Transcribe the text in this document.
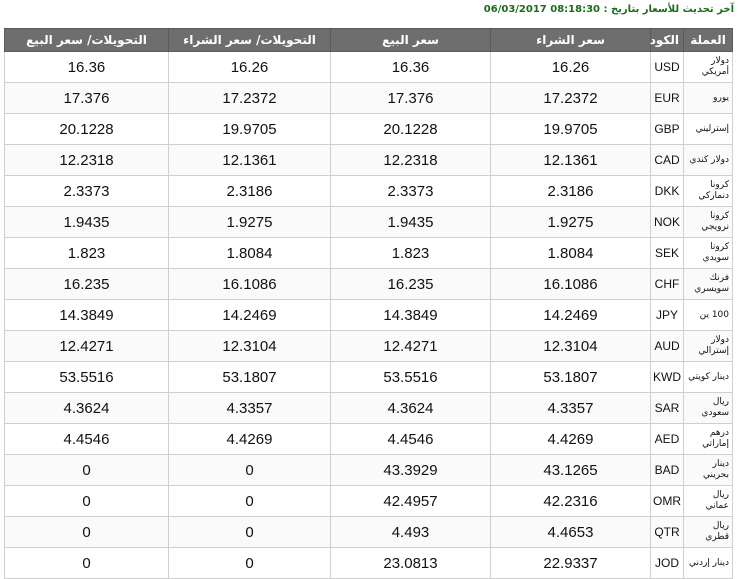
آخر تحديث للأسعار بتاريخ : 06/03/2017 08:18:30
العملة	الكود	سعر الشراء	سعر البيع	التحويلات/ سعر الشراء	التحويلات/ سعر البيع
دولار أمريكي	USD	16.26	16.36	16.26	16.36
يورو	EUR	17.2372	17.376	17.2372	17.376
إسترليني	GBP	19.9705	20.1228	19.9705	20.1228
دولار كندي	CAD	12.1361	12.2318	12.1361	12.2318
كرونا دنماركي	DKK	2.3186	2.3373	2.3186	2.3373
كرونا نرويجي	NOK	1.9275	1.9435	1.9275	1.9435
كرونا سويدي	SEK	1.8084	1.823	1.8084	1.823
فرنك سويسري	CHF	16.1086	16.235	16.1086	16.235
100 ين	JPY	14.2469	14.3849	14.2469	14.3849
دولار إسترالي	AUD	12.3104	12.4271	12.3104	12.4271
دينار كويتي	KWD	53.1807	53.5516	53.1807	53.5516
ريال سعودي	SAR	4.3357	4.3624	4.3357	4.3624
درهم إماراتي	AED	4.4269	4.4546	4.4269	4.4546
دينار بحريني	BAD	43.1265	43.3929	0	0
ريال عماني	OMR	42.2316	42.4957	0	0
ريال قطري	QTR	4.4653	4.493	0	0
دينار إردني	JOD	22.9337	23.0813	0	0
